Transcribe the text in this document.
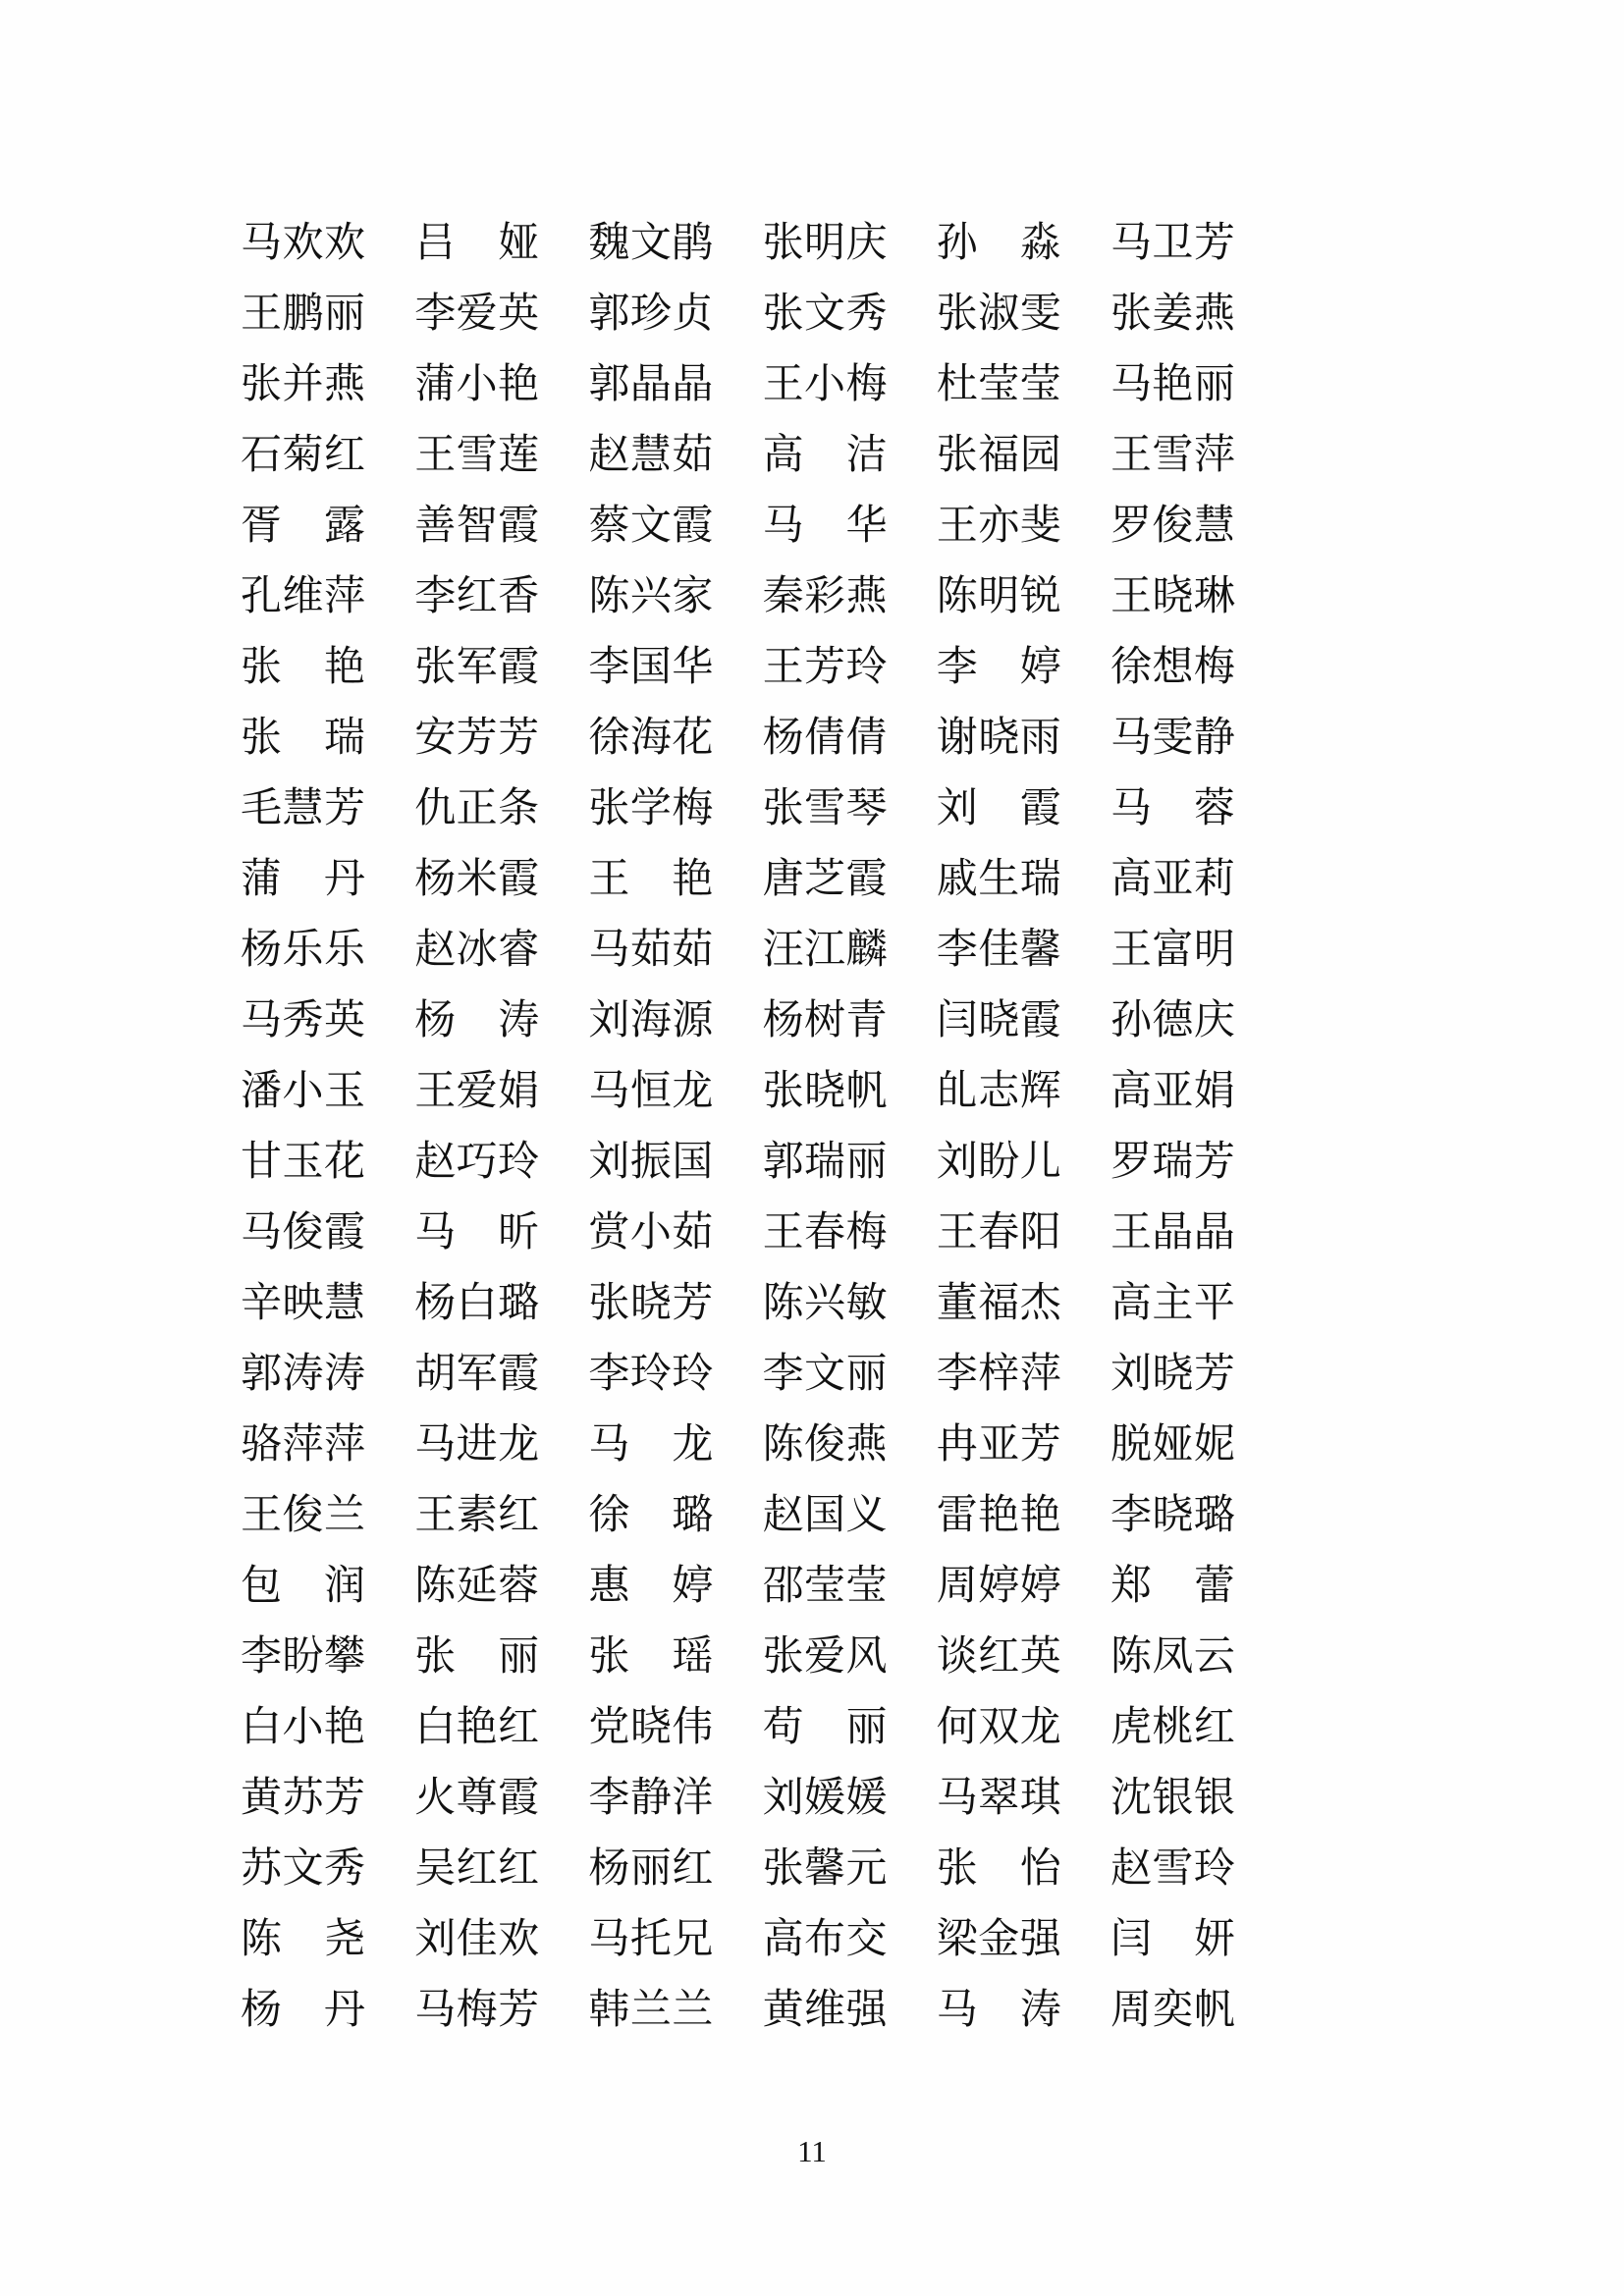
马欢欢 吕娅 魏文鹃 张明庆 孙淼 马卫芳
王鹏丽 李爱英 郭珍贞 张文秀 张淑雯 张姜燕
张并燕 蒲小艳 郭晶晶 王小梅 杜莹莹 马艳丽
石菊红 王雪莲 赵慧茹 高洁 张福园 王雪萍
胥露 善智霞 蔡文霞 马华 王亦斐 罗俊慧
孔维萍 李红香 陈兴家 秦彩燕 陈明锐 王晓琳
张艳 张军霞 李国华 王芳玲 李婷 徐想梅
张瑞 安芳芳 徐海花 杨倩倩 谢晓雨 马雯静
毛慧芳 仇正条 张学梅 张雪琴 刘霞 马蓉
蒲丹 杨米霞 王艳 唐芝霞 戚生瑞 高亚莉
杨乐乐 赵冰睿 马茹茹 汪江麟 李佳馨 王富明
马秀英 杨涛 刘海源 杨树青 闫晓霞 孙德庆
潘小玉 王爱娟 马恒龙 张晓帆 癿志辉 高亚娟
甘玉花 赵巧玲 刘振国 郭瑞丽 刘盼儿 罗瑞芳
马俊霞 马昕 赏小茹 王春梅 王春阳 王晶晶
辛映慧 杨白璐 张晓芳 陈兴敏 董福杰 高主平
郭涛涛 胡军霞 李玲玲 李文丽 李梓萍 刘晓芳
骆萍萍 马进龙 马龙 陈俊燕 冉亚芳 脱娅妮
王俊兰 王素红 徐璐 赵国义 雷艳艳 李晓璐
包润 陈延蓉 惠婷 邵莹莹 周婷婷 郑蕾
李盼攀 张丽 张瑶 张爱风 谈红英 陈凤云
白小艳 白艳红 党晓伟 苟丽 何双龙 虎桃红
黄苏芳 火尊霞 李静洋 刘媛媛 马翠琪 沈银银
苏文秀 吴红红 杨丽红 张馨元 张怡 赵雪玲
陈尧 刘佳欢 马托兄 高布交 梁金强 闫妍
杨丹 马梅芳 韩兰兰 黄维强 马涛 周奕帆
11
